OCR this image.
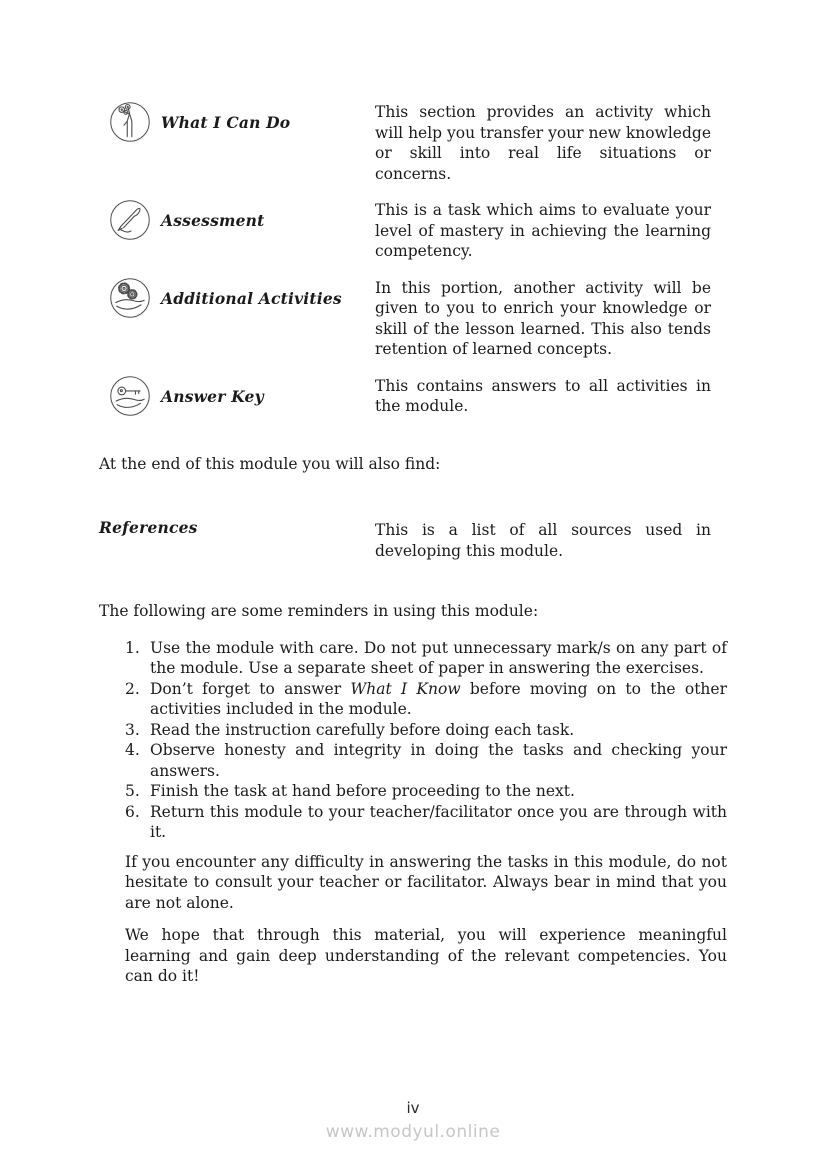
What I Can Do

This section provides an activity which will help you transfer your new knowledge or skill into real life situations or concerns.

Assessment

This is a task which aims to evaluate your level of mastery in achieving the learning competency.

Additional Activities

In this portion, another activity will be given to you to enrich your knowledge or skill of the lesson learned. This also tends retention of learned concepts.

Answer Key

This contains answers to all activities in the module.

At the end of this module you will also find:

References	This is a list of all sources used in developing this module.

The following are some reminders in using this module:

1. Use the module with care. Do not put unnecessary mark/s on any part of the module. Use a separate sheet of paper in answering the exercises.
2. Don’t forget to answer What I Know before moving on to the other activities included in the module.
3. Read the instruction carefully before doing each task.
4. Observe honesty and integrity in doing the tasks and checking your answers.
5. Finish the task at hand before proceeding to the next.
6. Return this module to your teacher/facilitator once you are through with it.

If you encounter any difficulty in answering the tasks in this module, do not hesitate to consult your teacher or facilitator. Always bear in mind that you are not alone.

We hope that through this material, you will experience meaningful learning and gain deep understanding of the relevant competencies. You can do it!

iv
www.modyul.online
